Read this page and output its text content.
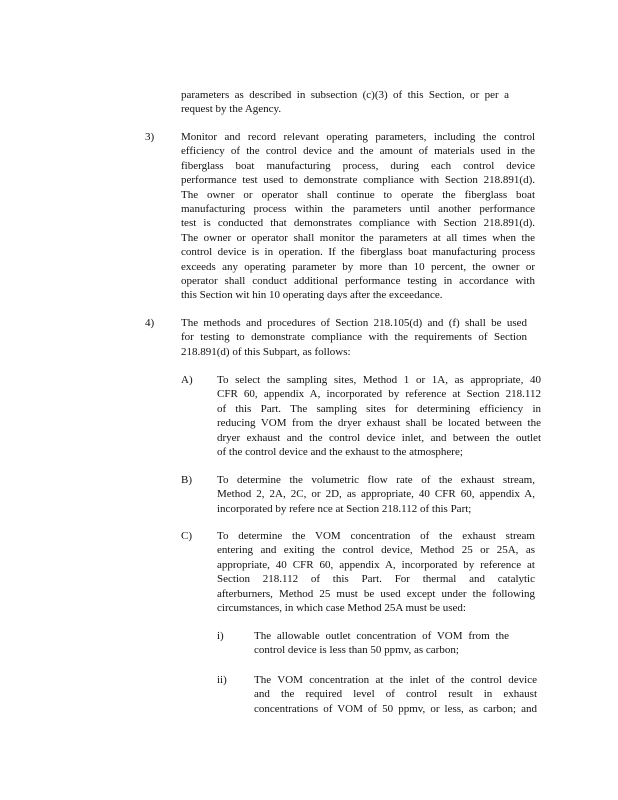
parameters as described in subsection (c)(3) of this Section, or per a
request by the Agency.
3) Monitor and record relevant operating parameters, including the control
efficiency of the control device and the amount of materials used in the
fiberglass boat manufacturing process, during each control device
performance test used to demonstrate compliance with Section 218.891(d).
The owner or operator shall continue to operate the fiberglass boat
manufacturing process within the parameters until another performance
test is conducted that demonstrates compliance with Section 218.891(d).
The owner or operator shall monitor the parameters at all times when the
control device is in operation. If the fiberglass boat manufacturing process
exceeds any operating parameter by more than 10 percent, the owner or
operator shall conduct additional performance testing in accordance with
this Section wit hin 10 operating days after the exceedance.
4) The methods and procedures of Section 218.105(d) and (f) shall be used
for testing to demonstrate compliance with the requirements of Section
218.891(d) of this Subpart, as follows:
A) To select the sampling sites, Method 1 or 1A, as appropriate, 40
CFR 60, appendix A, incorporated by reference at Section 218.112
of this Part. The sampling sites for determining efficiency in
reducing VOM from the dryer exhaust shall be located between the
dryer exhaust and the control device inlet, and between the outlet
of the control device and the exhaust to the atmosphere;
B) To determine the volumetric flow rate of the exhaust stream,
Method 2, 2A, 2C, or 2D, as appropriate, 40 CFR 60, appendix A,
incorporated by refere nce at Section 218.112 of this Part;
C) To determine the VOM concentration of the exhaust stream
entering and exiting the control device, Method 25 or 25A, as
appropriate, 40 CFR 60, appendix A, incorporated by reference at
Section 218.112 of this Part. For thermal and catalytic
afterburners, Method 25 must be used except under the following
circumstances, in which case Method 25A must be used:
i)	The allowable outlet concentration of VOM from the
control device is less than 50 ppmv, as carbon;
ii) The VOM concentration at the inlet of the control device
and the required level of control result in exhaust
concentrations of VOM of 50 ppmv, or less, as carbon; and
